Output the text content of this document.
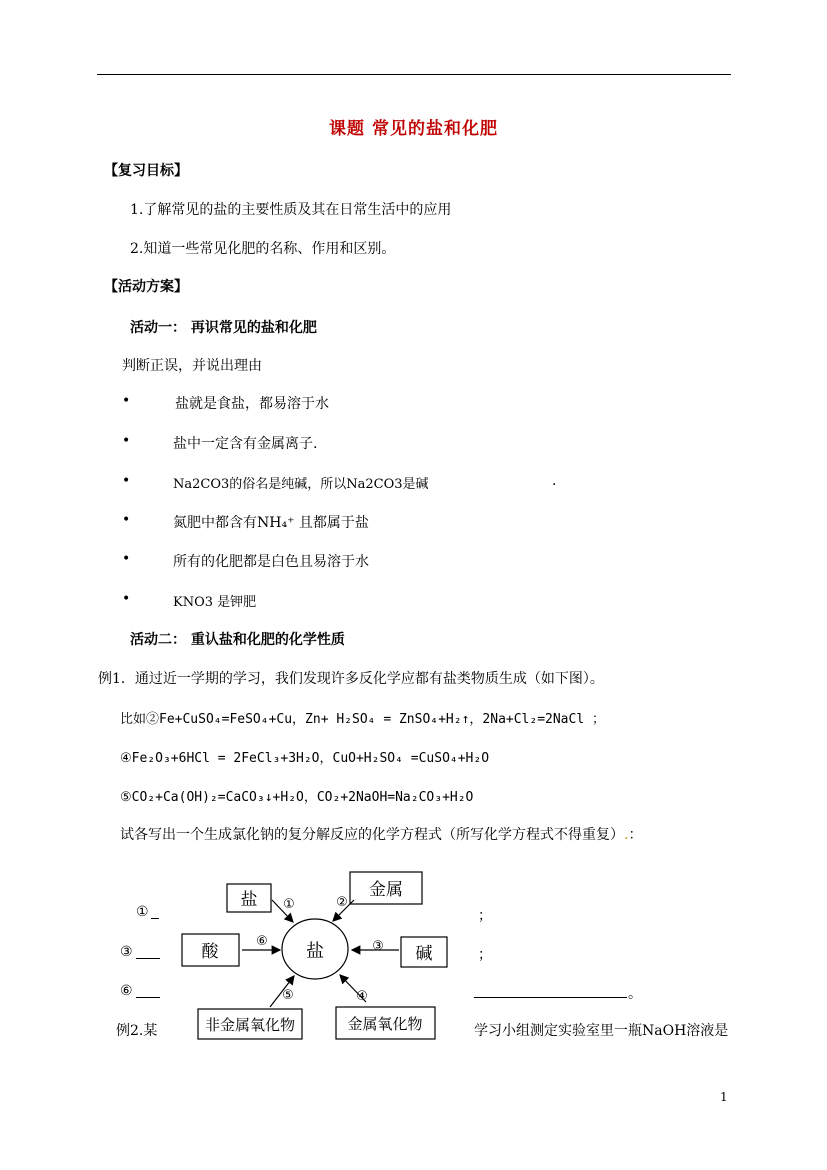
课题 常见的盐和化肥
【复习目标】
1.了解常见的盐的主要性质及其在日常生活中的应用
2.知道一些常见化肥的名称、作用和区别。
【活动方案】
活动一： 再识常见的盐和化肥
判断正误，并说出理由
•	盐就是食盐，都易溶于水
•	盐中一定含有金属离子.
•	Na2CO3的俗名是纯碱，所以Na2CO3是碱	.
•	氮肥中都含有NH₄⁺ 且都属于盐
•	所有的化肥都是白色且易溶于水
•	KNO3 是钾肥
活动二： 重认盐和化肥的化学性质
例1．通过近一学期的学习，我们发现许多反化学应都有盐类物质生成（如下图）。
比如②Fe+CuSO₄=FeSO₄+Cu，Zn+ H₂SO₄ = ZnSO₄+H₂↑，2Na+Cl₂=2NaCl ；
④Fe₂O₃+6HCl = 2FeCl₃+3H₂O，CuO+H₂SO₄ =CuSO₄+H₂O
⑤CO₂+Ca(OH)₂=CaCO₃↓+H₂O，CO₂+2NaOH=Na₂CO₃+H₂O
试各写出一个生成氯化钠的复分解反应的化学方程式（所写化学方程式不得重复）.：
①
③
⑥
；
；
。
例2.某	学习小组测定实验室里一瓶NaOH溶液是
盐
盐	金属
酸	碱
非金属氧化物	金属氧化物
①	②
③
④
⑤
⑥
1
